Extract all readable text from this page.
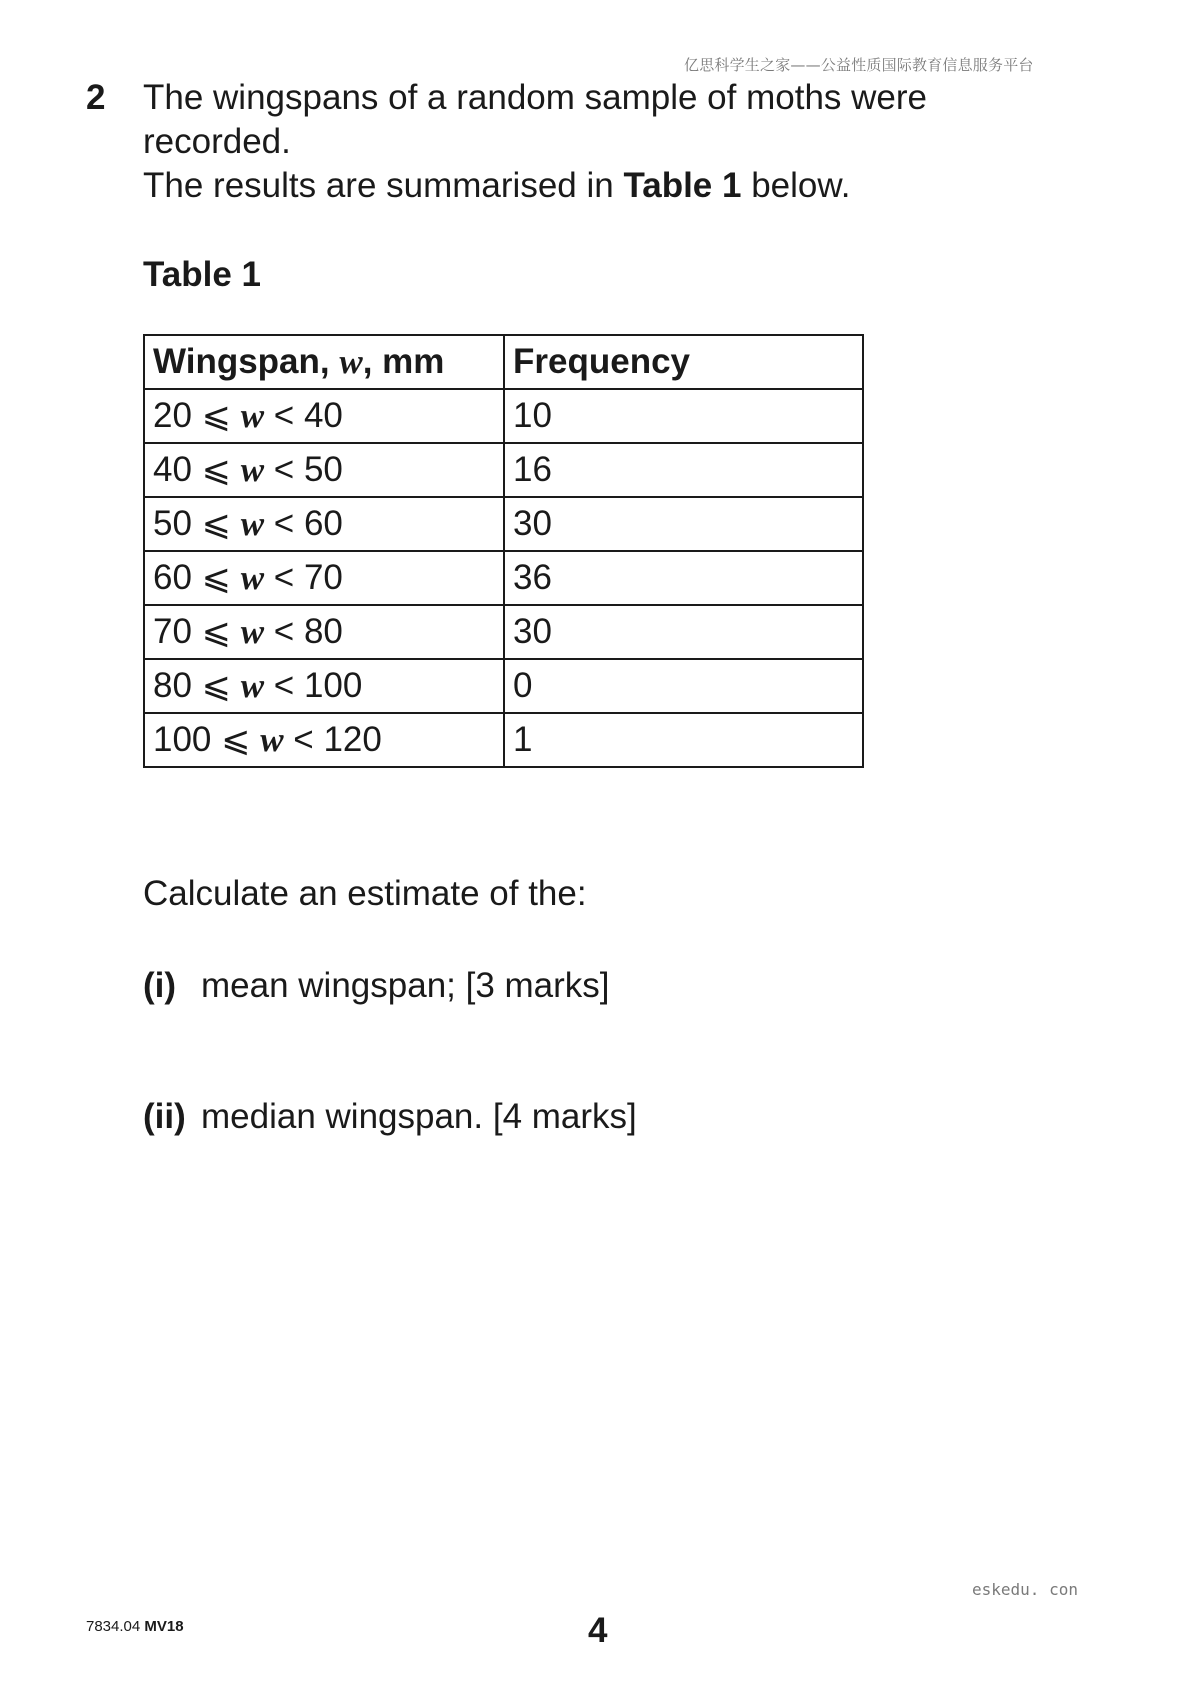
亿思科学生之家——公益性质国际教育信息服务平台
2 The wingspans of a random sample of moths were recorded.

The results are summarised in Table 1 below.

Table 1
Wingspan, w, mm	Frequency
20 ⩽ w < 40	10
40 ⩽ w < 50	16
50 ⩽ w < 60	30
60 ⩽ w < 70	36
70 ⩽ w < 80	30
80 ⩽ w < 100	0
100 ⩽ w < 120	1
Calculate an estimate of the:
(i) mean wingspan; [3 marks]
(ii) median wingspan. [4 marks]
eskedu. con
7834.04 MV18	4
